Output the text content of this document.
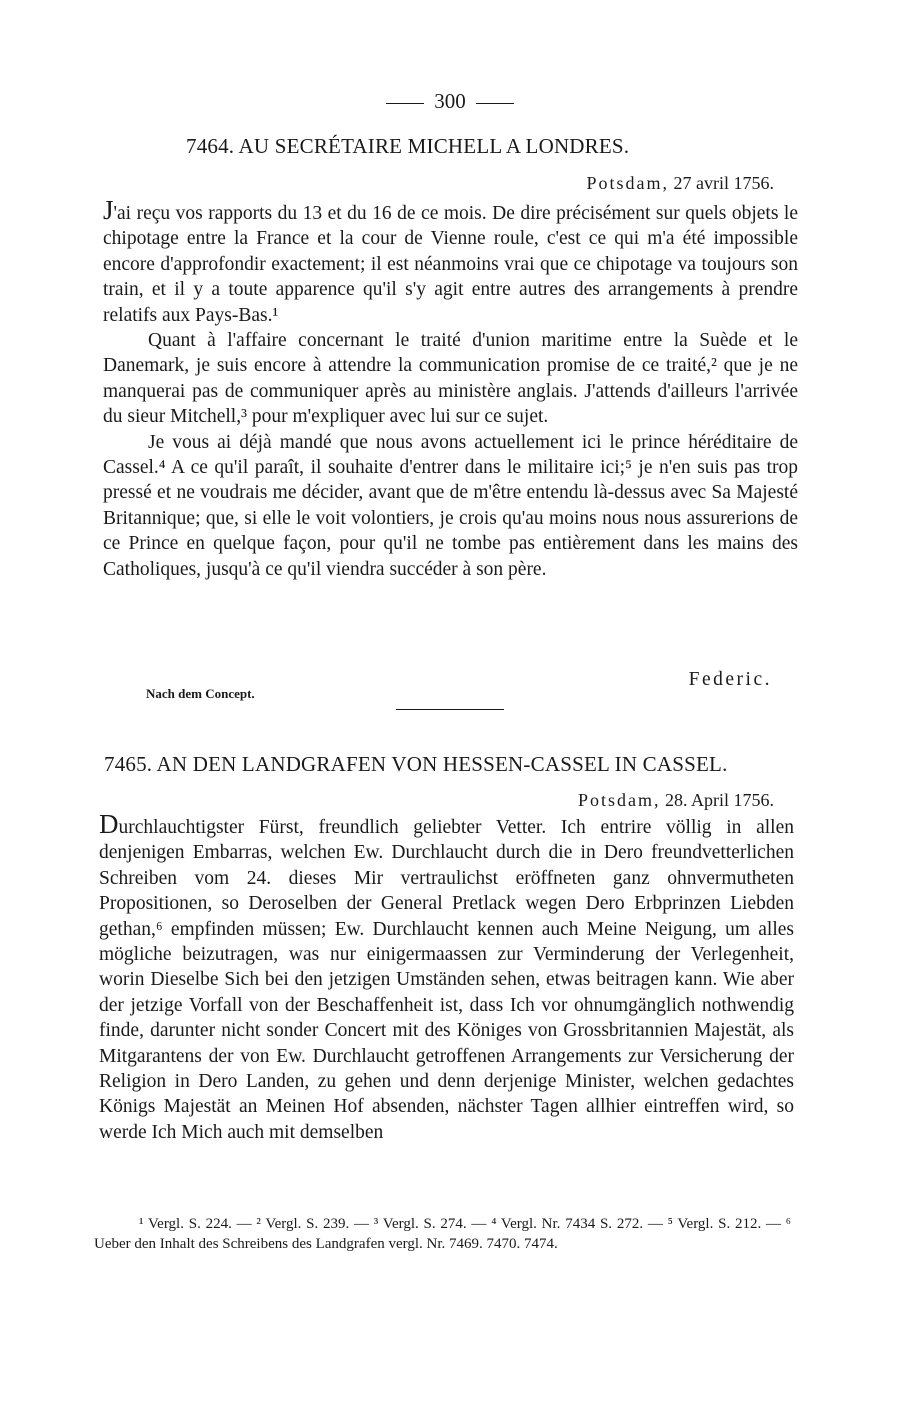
300
7464. AU SECRÉTAIRE MICHELL A LONDRES.
Potsdam, 27 avril 1756.

J'ai reçu vos rapports du 13 et du 16 de ce mois. De dire précisément sur quels objets le chipotage entre la France et la cour de Vienne roule, c'est ce qui m'a été impossible encore d'approfondir exactement; il est néanmoins vrai que ce chipotage va toujours son train, et il y a toute apparence qu'il s'y agit entre autres des arrangements à prendre relatifs aux Pays-Bas.¹

Quant à l'affaire concernant le traité d'union maritime entre la Suède et le Danemark, je suis encore à attendre la communication promise de ce traité,² que je ne manquerai pas de communiquer après au ministère anglais. J'attends d'ailleurs l'arrivée du sieur Mitchell,³ pour m'expliquer avec lui sur ce sujet.

Je vous ai déjà mandé que nous avons actuellement ici le prince héréditaire de Cassel.⁴ A ce qu'il paraît, il souhaite d'entrer dans le militaire ici;⁵ je n'en suis pas trop pressé et ne voudrais me décider, avant que de m'être entendu là-dessus avec Sa Majesté Britannique; que, si elle le voit volontiers, je crois qu'au moins nous nous assurerions de ce Prince en quelque façon, pour qu'il ne tombe pas entièrement dans les mains des Catholiques, jusqu'à ce qu'il viendra succéder à son père.

Federic.
Nach dem Concept.
7465. AN DEN LANDGRAFEN VON HESSEN-CASSEL IN CASSEL.
Potsdam, 28. April 1756.

Durchlauchtigster Fürst, freundlich geliebter Vetter. Ich entrire völlig in allen denjenigen Embarras, welchen Ew. Durchlaucht durch die in Dero freundvetterlichen Schreiben vom 24. dieses Mir vertraulichst eröffneten ganz ohnvermutheten Propositionen, so Deroselben der General Pretlack wegen Dero Erbprinzen Liebden gethan,⁶ empfinden müssen; Ew. Durchlaucht kennen auch Meine Neigung, um alles mögliche beizutragen, was nur einigermaassen zur Verminderung der Verlegenheit, worin Dieselbe Sich bei den jetzigen Umständen sehen, etwas beitragen kann. Wie aber der jetzige Vorfall von der Beschaffenheit ist, dass Ich vor ohnumgänglich nothwendig finde, darunter nicht sonder Concert mit des Königes von Grossbritannien Majestät, als Mitgarantens der von Ew. Durchlaucht getroffenen Arrangements zur Versicherung der Religion in Dero Landen, zu gehen und denn derjenige Minister, welchen gedachtes Königs Majestät an Meinen Hof absenden, nächster Tagen allhier eintreffen wird, so werde Ich Mich auch mit demselben

¹ Vergl. S. 224. — ² Vergl. S. 239. — ³ Vergl. S. 274. — ⁴ Vergl. Nr. 7434 S. 272. — ⁵ Vergl. S. 212. — ⁶ Ueber den Inhalt des Schreibens des Landgrafen vergl. Nr. 7469. 7470. 7474.
